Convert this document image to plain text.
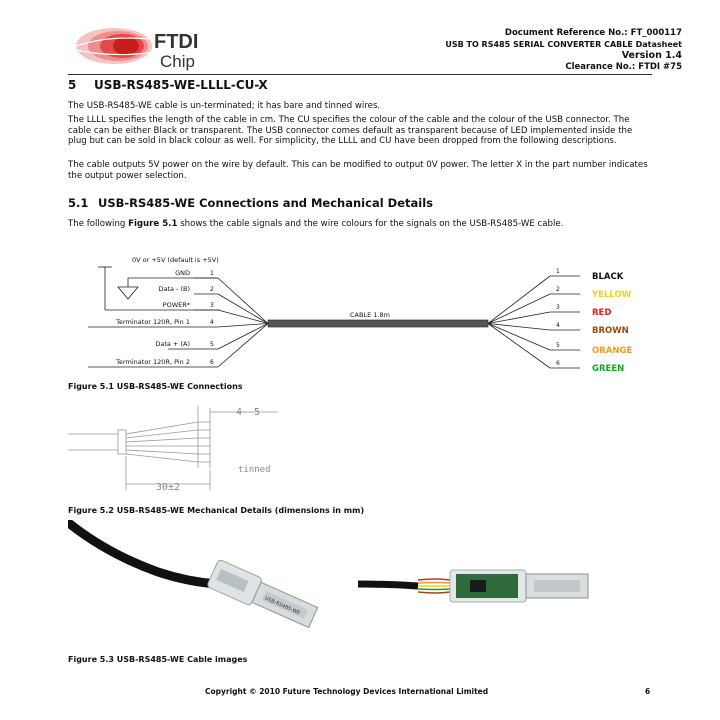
FTDI
Chip
Document Reference No.: FT_000117
USB TO RS485 SERIAL CONVERTER CABLE Datasheet
Version 1.4
Clearance No.: FTDI #75
5 USB-RS485-WE-LLLL-CU-X

The USB-RS485-WE cable is un-terminated; it has bare and tinned wires.

The LLLL specifies the length of the cable in cm. The CU specifies the colour of the cable and the colour of the USB connector. The cable can be either Black or transparent. The USB connector comes default as transparent because of LED implemented inside the plug but can be sold in black colour as well. For simplicity, the LLLL and CU have been dropped from the following descriptions.

The cable outputs 5V power on the wire by default. This can be modified to output 0V power. The letter X in the part number indicates the output power selection.

5.1 USB-RS485-WE Connections and Mechanical Details

The following Figure 5.1 shows the cable signals and the wire colours for the signals on the USB-RS485-WE cable.

0V or +5V (default is +5V)
GND	1
Data - (B)	2
POWER*	3
Terminator 120R, Pin 1	4
Data + (A)	5
Terminator 120R, Pin 2	6
CABLE 1.8m
1
BLACK
2
YELLOW
3
RED
4
BROWN
5
ORANGE
6
GREEN
Figure 5.1 USB-RS485-WE Connections
4--5
tinned
30±2
Figure 5.2 USB-RS485-WE Mechanical Details (dimensions in mm)
USB-RS485-WE
Figure 5.3 USB-RS485-WE Cable images
Copyright © 2010 Future Technology Devices International Limited	6
